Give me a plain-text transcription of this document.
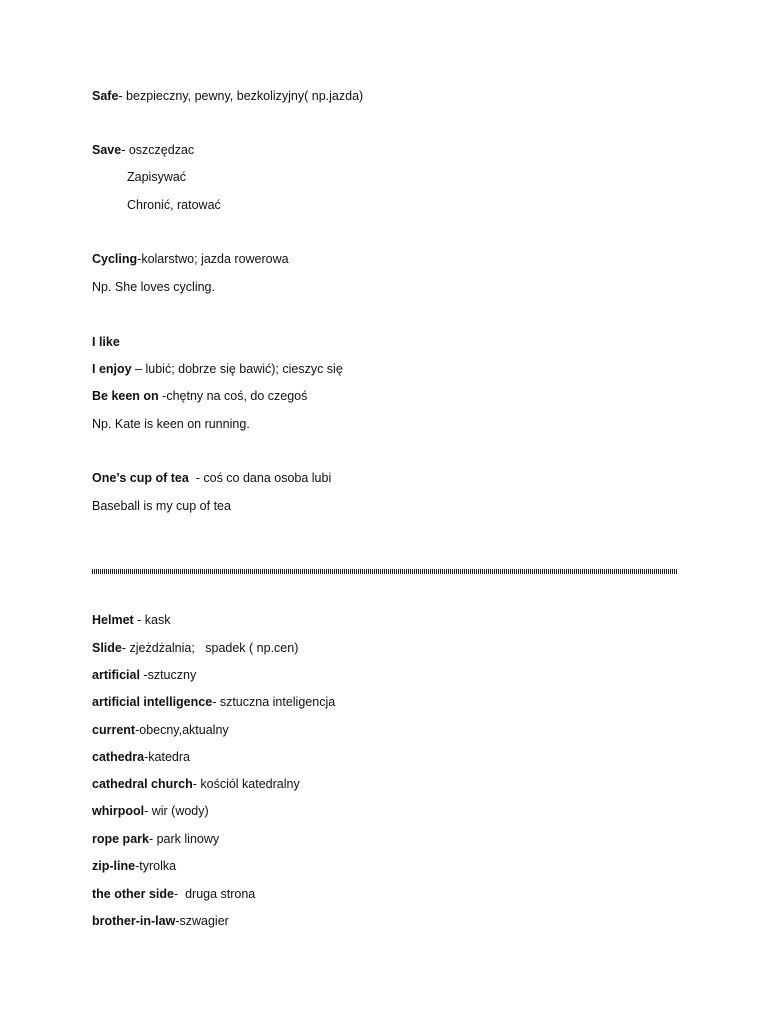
Safe- bezpieczny, pewny, bezkolizyjny( np.jazda)
Save- oszczędzac
Zapisywać
Chronić, ratować
Cycling-kolarstwo; jazda rowerowa
Np. She loves cycling.
I like
I enjoy – lubić; dobrze się bawić); cieszyc się
Be keen on -chętny na coś, do czegoś
Np. Kate is keen on running.
One’s cup of tea  - coś co dana osoba lubi
Baseball is my cup of tea
Helmet - kask
Slide- zjeżdżalnia;   spadek ( np.cen)
artificial -sztuczny
artificial intelligence- sztuczna inteligencja
current-obecny,aktualny
cathedra-katedra
cathedral church- kościól katedralny
whirpool- wir (wody)
rope park- park linowy
zip-line-tyrolka
the other side-  druga strona
brother-in-law-szwagier
